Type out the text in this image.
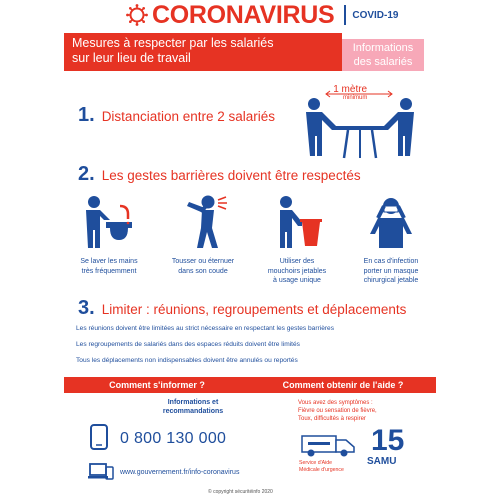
CORONAVIRUS COVID-19
Mesures à respecter par les salariés
sur leur lieu de travail
Informations
des salariés
1. Distanciation entre 2 salariés
1 mètre
minimum
2. Les gestes barrières doivent être respectés
Se laver les mains
très fréquemment
Tousser ou éternuer
dans son coude
Utiliser des
mouchoirs jetables
à usage unique
En cas d'infection
porter un masque
chirurgical jetable
3. Limiter : réunions, regroupements et déplacements
Les réunions doivent être limitées au strict nécessaire en respectant les gestes barrières
Les regroupements de salariés dans des espaces réduits doivent être limités
Tous les déplacements non indispensables doivent être annulés ou reportés
Comment s'informer ?	Comment obtenir de l'aide ?
Informations et
recommandations
0 800 130 000
www.gouvernement.fr/info-coronavirus
Vous avez des symptômes :
Fièvre ou sensation de fièvre,
Toux, difficultés à respirer
Service d'Aide
Médicale d'urgence
15
SAMU
© copyright sécuritéinfo 2020
